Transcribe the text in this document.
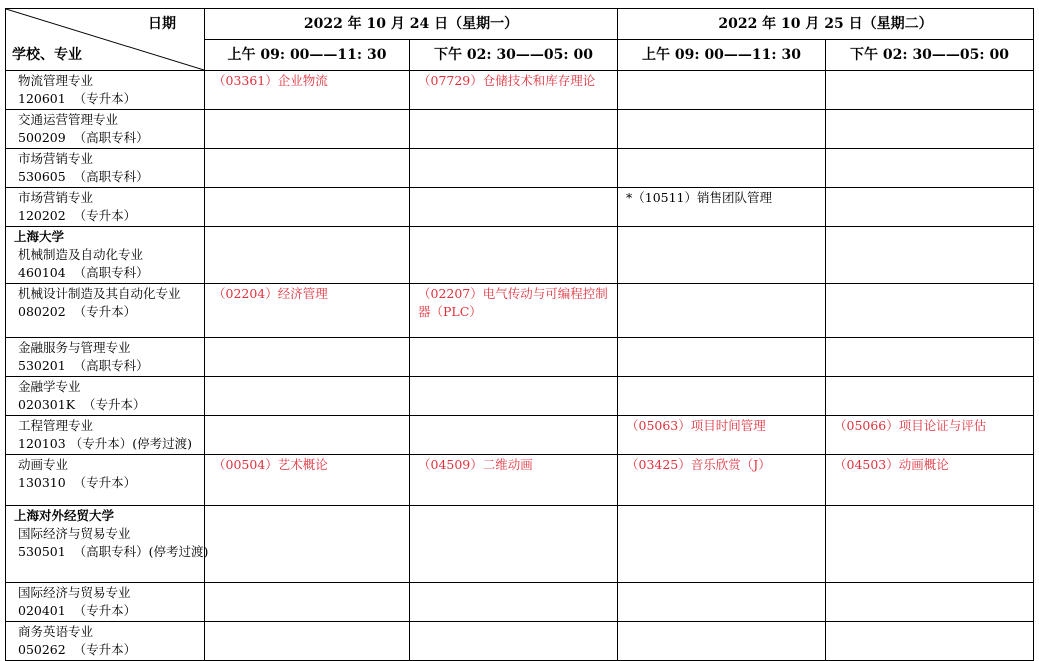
日期
学校、专业	2022 年 10 月 24 日（星期一）		2022 年 10 月 25 日（星期二）	
	上午 09: 00——11: 30	下午 02: 30——05: 00	上午 09: 00——11: 30	下午 02: 30——05: 00

物流管理专业
120601  （专升本）	（03361）企业物流	（07729）仓储技术和库存理论		

交通运营管理专业
500209  （高职专科）				

市场营销专业
530605  （高职专科）				

市场营销专业
120202  （专升本）			*（10511）销售团队管理	

上海大学
机械制造及自动化专业
460104  （高职专科）				

机械设计制造及其自动化专业
080202  （专升本）	（02204）经济管理	（02207）电气传动与可编程控制器（PLC）		

金融服务与管理专业
530201  （高职专科）				

金融学专业
020301K  （专升本）				

工程管理专业
120103 （专升本）(停考过渡)			（05063）项目时间管理	（05066）项目论证与评估

动画专业
130310  （专升本）	（00504）艺术概论	（04509）二维动画	（03425）音乐欣赏（J）	（04503）动画概论

上海对外经贸大学
国际经济与贸易专业
530501  （高职专科）(停考过渡)				

国际经济与贸易专业
020401  （专升本）				

商务英语专业
050262  （专升本）				
